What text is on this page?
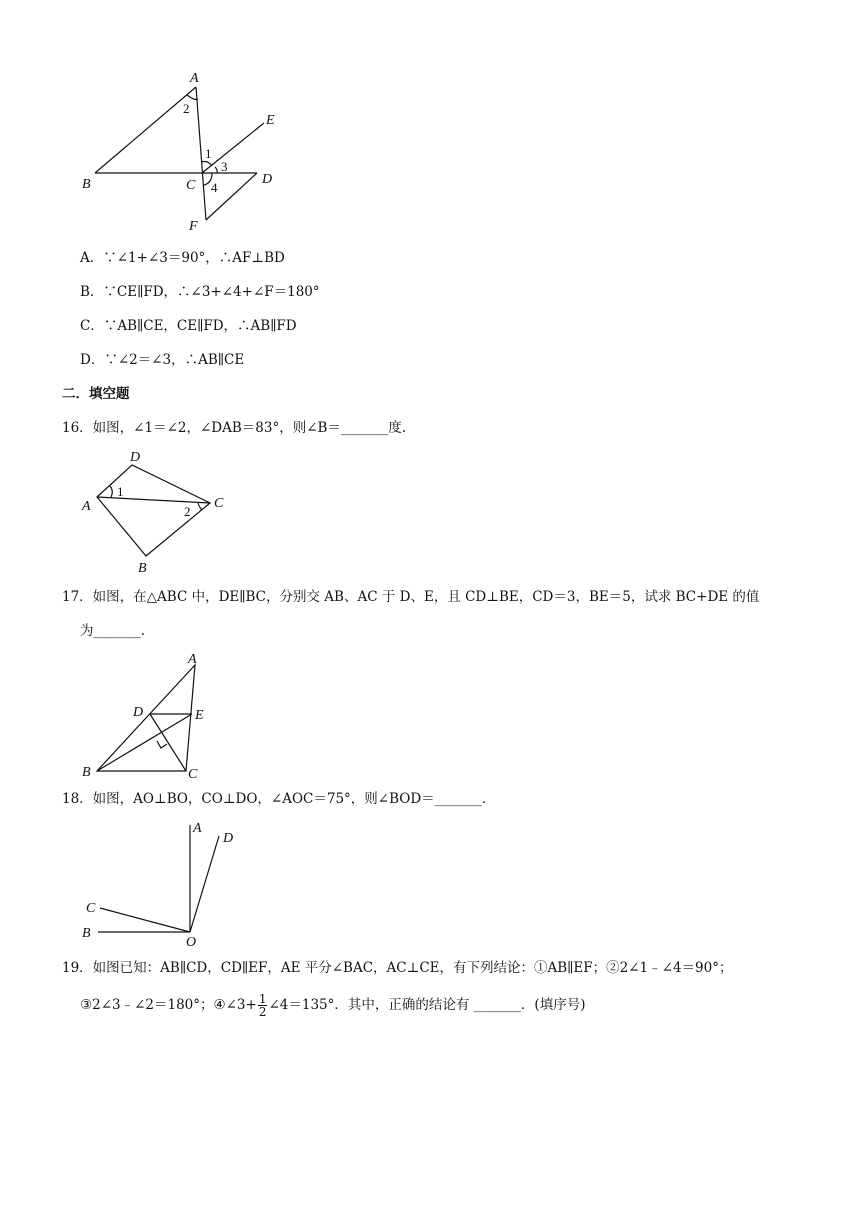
A
B	C	D
E
F
1
2
3
4
A．∵∠1+∠3＝90°，∴AF⊥BD
B．∵CE∥FD，∴∠3+∠4+∠F＝180°
C．∵AB∥CE，CE∥FD，∴AB∥FD
D．∵∠2＝∠3，∴AB∥CE
二．填空题
16．如图，∠1＝∠2，∠DAB＝83°，则∠B＝_______度.
D
A	C
B
1
2
17．如图，在△ABC 中，DE∥BC，分别交 AB、AC 于 D、E，且 CD⊥BE，CD＝3，BE＝5，试求 BC+DE 的值
为_______.
A
D	E
B	C
18．如图，AO⊥BO，CO⊥DO，∠AOC＝75°，则∠BOD＝_______.
A
D
C
B
O
19．如图已知：AB∥CD，CD∥EF，AE 平分∠BAC，AC⊥CE，有下列结论：①AB∥EF；②2∠1﹣∠4＝90°；
③2∠3﹣∠2＝180°；④∠3+ $\frac{1}{2}$ ∠4＝135°．其中，正确的结论有 _______．(填序号)
